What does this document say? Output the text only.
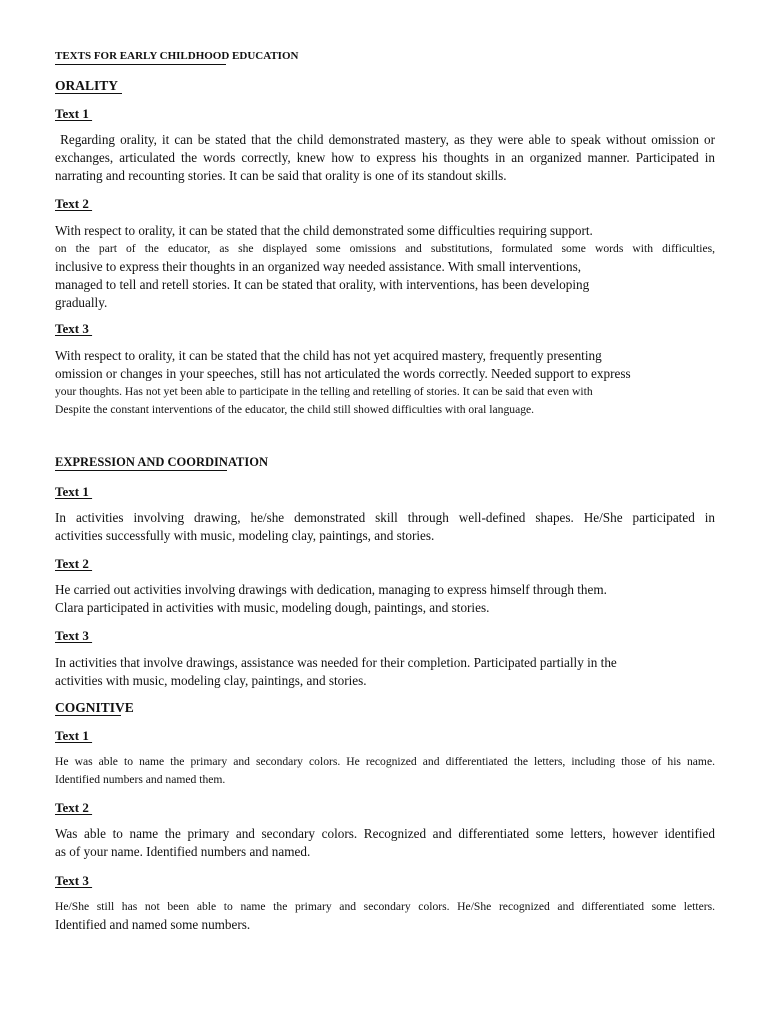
TEXTS FOR EARLY CHILDHOOD EDUCATION
ORALITY
Text 1
Regarding orality, it can be stated that the child demonstrated mastery, as they were able to speak without omission or
exchanges, articulated the words correctly, knew how to express his thoughts in an organized manner. Participated in
narrating and recounting stories. It can be said that orality is one of its standout skills.
Text 2
With respect to orality, it can be stated that the child demonstrated some difficulties requiring support.
on the part of the educator, as she displayed some omissions and substitutions, formulated some words with difficulties,
inclusive to express their thoughts in an organized way needed assistance. With small interventions,
managed to tell and retell stories. It can be stated that orality, with interventions, has been developing
gradually.
Text 3
With respect to orality, it can be stated that the child has not yet acquired mastery, frequently presenting
omission or changes in your speeches, still has not articulated the words correctly. Needed support to express
your thoughts. Has not yet been able to participate in the telling and retelling of stories. It can be said that even with
Despite the constant interventions of the educator, the child still showed difficulties with oral language.
EXPRESSION AND COORDINATION
Text 1
In activities involving drawing, he/she demonstrated skill through well-defined shapes. He/She participated in
activities successfully with music, modeling clay, paintings, and stories.
Text 2
He carried out activities involving drawings with dedication, managing to express himself through them.
Clara participated in activities with music, modeling dough, paintings, and stories.
Text 3
In activities that involve drawings, assistance was needed for their completion. Participated partially in the
activities with music, modeling clay, paintings, and stories.
COGNITIVE
Text 1
He was able to name the primary and secondary colors. He recognized and differentiated the letters, including those of his name.
Identified numbers and named them.
Text 2
Was able to name the primary and secondary colors. Recognized and differentiated some letters, however identified
as of your name. Identified numbers and named.
Text 3
He/She still has not been able to name the primary and secondary colors. He/She recognized and differentiated some letters.
Identified and named some numbers.
